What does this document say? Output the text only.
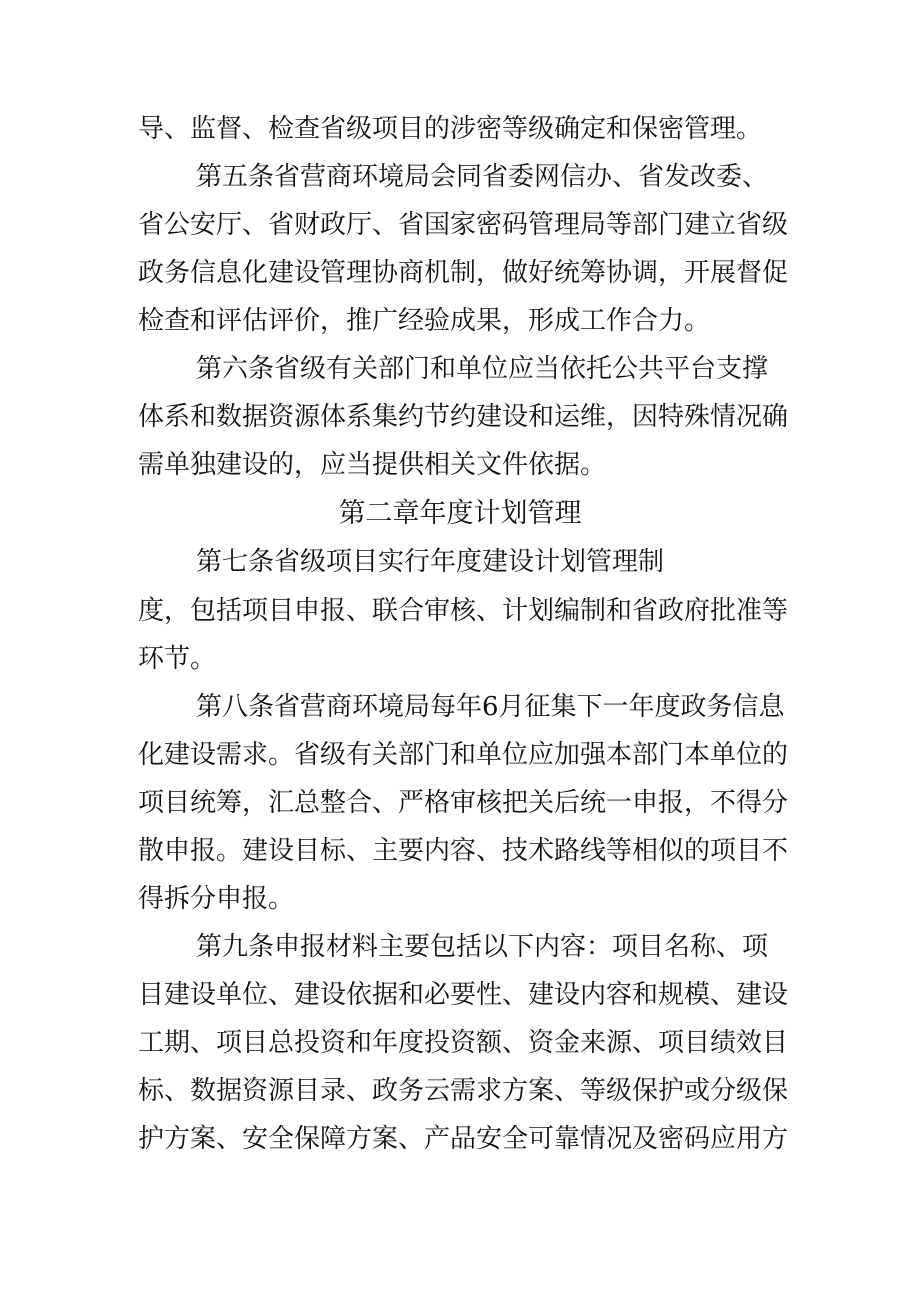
导、监督、检查省级项目的涉密等级确定和保密管理。
第五条省营商环境局会同省委网信办、省发改委、
省公安厅、省财政厅、省国家密码管理局等部门建立省级
政务信息化建设管理协商机制，做好统筹协调，开展督促
检查和评估评价，推广经验成果，形成工作合力。
第六条省级有关部门和单位应当依托公共平台支撑
体系和数据资源体系集约节约建设和运维，因特殊情况确
需单独建设的，应当提供相关文件依据。
第二章年度计划管理
第七条省级项目实行年度建设计划管理制
度，包括项目申报、联合审核、计划编制和省政府批准等
环节。
第八条省营商环境局每年6月征集下一年度政务信息
化建设需求。省级有关部门和单位应加强本部门本单位的
项目统筹，汇总整合、严格审核把关后统一申报，不得分
散申报。建设目标、主要内容、技术路线等相似的项目不
得拆分申报。
第九条申报材料主要包括以下内容：项目名称、项
目建设单位、建设依据和必要性、建设内容和规模、建设
工期、项目总投资和年度投资额、资金来源、项目绩效目
标、数据资源目录、政务云需求方案、等级保护或分级保
护方案、安全保障方案、产品安全可靠情况及密码应用方
